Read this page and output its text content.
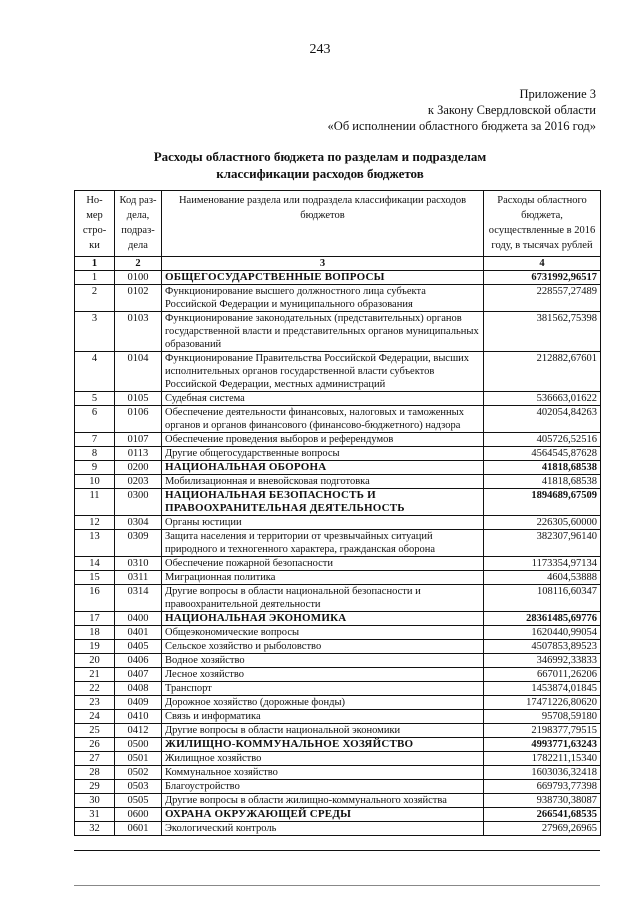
243
Приложение 3
к Закону Свердловской области
«Об исполнении областного бюджета за 2016 год»
Расходы областного бюджета по разделам и подразделам
классификации расходов бюджетов
Но- мер стро- ки	Код раз- дела, подраз- дела	Наименование раздела или подраздела классификации расходов бюджетов	Расходы областного бюджета, осуществленные в 2016 году, в тысячах рублей
1	2	3	4
1	0100	ОБЩЕГОСУДАРСТВЕННЫЕ ВОПРОСЫ	6731992,96517
2	0102	Функционирование высшего должностного лица субъекта Российской Федерации и муниципального образования	228557,27489
3	0103	Функционирование законодательных (представительных) органов государственной власти и представительных органов муниципальных образований	381562,75398
4	0104	Функционирование Правительства Российской Федерации, высших исполнительных органов государственной власти субъектов Российской Федерации, местных администраций	212882,67601
5	0105	Судебная система	536663,01622
6	0106	Обеспечение деятельности финансовых, налоговых и таможенных органов и органов финансового (финансово-бюджетного) надзора	402054,84263
7	0107	Обеспечение проведения выборов и референдумов	405726,52516
8	0113	Другие общегосударственные вопросы	4564545,87628
9	0200	НАЦИОНАЛЬНАЯ ОБОРОНА	41818,68538
10	0203	Мобилизационная и вневойсковая подготовка	41818,68538
11	0300	НАЦИОНАЛЬНАЯ БЕЗОПАСНОСТЬ И ПРАВООХРАНИТЕЛЬНАЯ ДЕЯТЕЛЬНОСТЬ	1894689,67509
12	0304	Органы юстиции	226305,60000
13	0309	Защита населения и территории от чрезвычайных ситуаций природного и техногенного характера, гражданская оборона	382307,96140
14	0310	Обеспечение пожарной безопасности	1173354,97134
15	0311	Миграционная политика	4604,53888
16	0314	Другие вопросы в области национальной безопасности и правоохранительной деятельности	108116,60347
17	0400	НАЦИОНАЛЬНАЯ ЭКОНОМИКА	28361485,69776
18	0401	Общеэкономические вопросы	1620440,99054
19	0405	Сельское хозяйство и рыболовство	4507853,89523
20	0406	Водное хозяйство	346992,33833
21	0407	Лесное хозяйство	667011,26206
22	0408	Транспорт	1453874,01845
23	0409	Дорожное хозяйство (дорожные фонды)	17471226,80620
24	0410	Связь и информатика	95708,59180
25	0412	Другие вопросы в области национальной экономики	2198377,79515
26	0500	ЖИЛИЩНО-КОММУНАЛЬНОЕ ХОЗЯЙСТВО	4993771,63243
27	0501	Жилищное хозяйство	1782211,15340
28	0502	Коммунальное хозяйство	1603036,32418
29	0503	Благоустройство	669793,77398
30	0505	Другие вопросы в области жилищно-коммунального хозяйства	938730,38087
31	0600	ОХРАНА ОКРУЖАЮЩЕЙ СРЕДЫ	266541,68535
32	0601	Экологический контроль	27969,26965
